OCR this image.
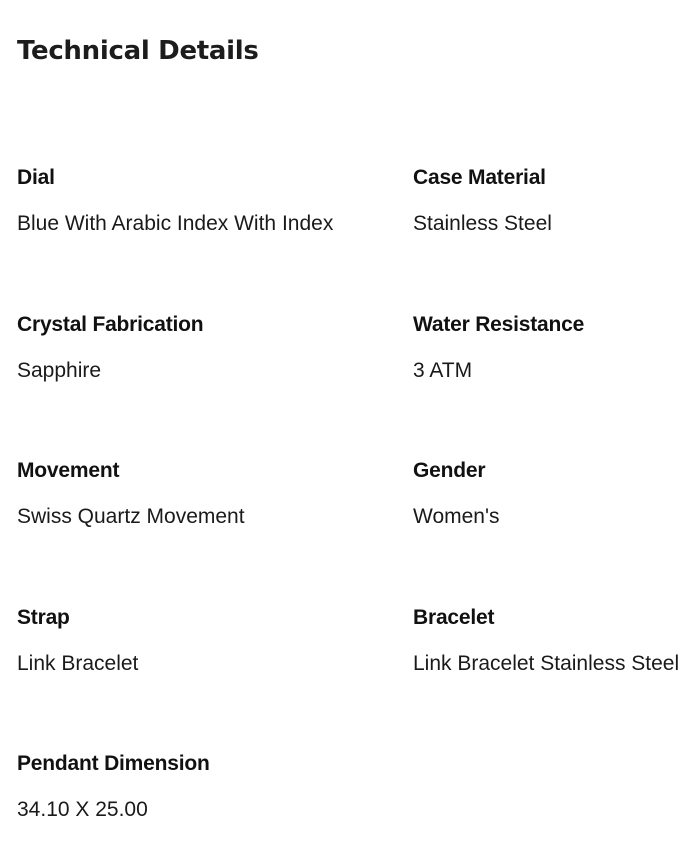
Technical Details
Dial
Blue With Arabic Index With Index
Case Material
Stainless Steel
Crystal Fabrication
Sapphire
Water Resistance
3 ATM
Movement
Swiss Quartz Movement
Gender
Women's
Strap
Link Bracelet
Bracelet
Link Bracelet Stainless Steel
Pendant Dimension
34.10 X 25.00
